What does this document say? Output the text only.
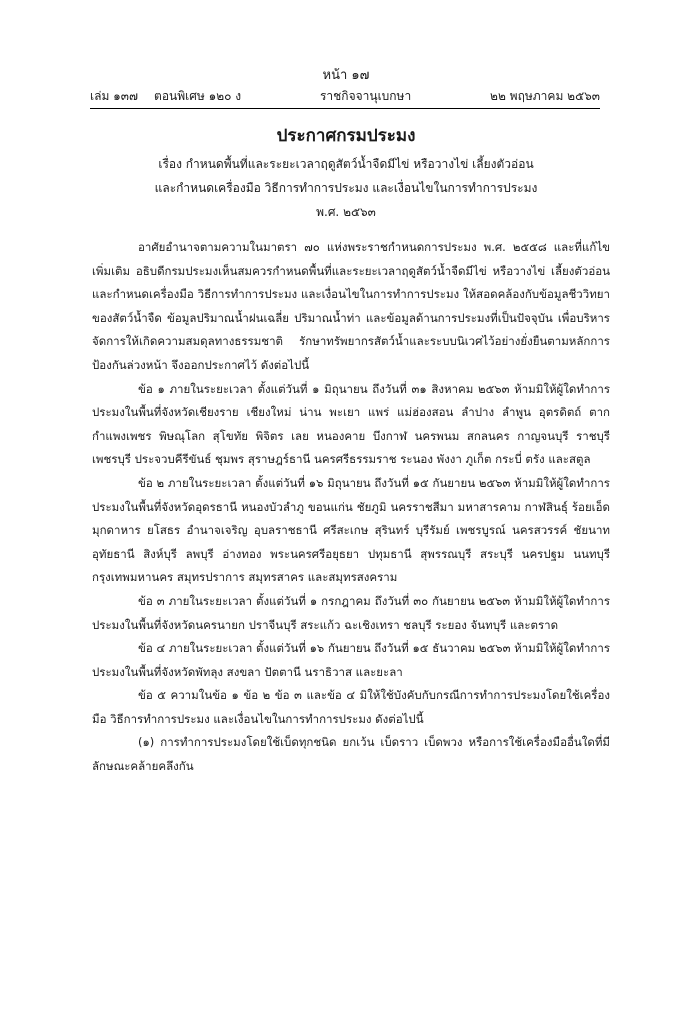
หน้า ๑๗
เล่ม ๑๓๗ ตอนพิเศษ ๑๒๐ ง	ราชกิจจานุเบกษา	๒๒ พฤษภาคม ๒๕๖๓
ประกาศกรมประมง
เรื่อง กำหนดพื้นที่และระยะเวลาฤดูสัตว์น้ำจืดมีไข่ หรือวางไข่ เลี้ยงตัวอ่อน
และกำหนดเครื่องมือ วิธีการทำการประมง และเงื่อนไขในการทำการประมง
พ.ศ. ๒๕๖๓

อาศัยอำนาจตามความในมาตรา ๗๐ แห่งพระราชกำหนดการประมง พ.ศ. ๒๕๕๘ และที่แก้ไขเพิ่มเติม อธิบดีกรมประมงเห็นสมควรกำหนดพื้นที่และระยะเวลาฤดูสัตว์น้ำจืดมีไข่ หรือวางไข่ เลี้ยงตัวอ่อน และกำหนดเครื่องมือ วิธีการทำการประมง และเงื่อนไขในการทำการประมง ให้สอดคล้องกับข้อมูลชีววิทยาของสัตว์น้ำจืด ข้อมูลปริมาณน้ำฝนเฉลี่ย ปริมาณน้ำท่า และข้อมูลด้านการประมงที่เป็นปัจจุบัน เพื่อบริหารจัดการให้เกิดความสมดุลทางธรรมชาติ รักษาทรัพยากรสัตว์น้ำและระบบนิเวศไว้อย่างยั่งยืนตามหลักการป้องกันล่วงหน้า จึงออกประกาศไว้ ดังต่อไปนี้

ข้อ ๑ ภายในระยะเวลา ตั้งแต่วันที่ ๑ มิถุนายน ถึงวันที่ ๓๑ สิงหาคม ๒๕๖๓ ห้ามมิให้ผู้ใดทำการประมงในพื้นที่จังหวัดเชียงราย เชียงใหม่ น่าน พะเยา แพร่ แม่ฮ่องสอน ลำปาง ลำพูน อุตรดิตถ์ ตาก กำแพงเพชร พิษณุโลก สุโขทัย พิจิตร เลย หนองคาย บึงกาฬ นครพนม สกลนคร กาญจนบุรี ราชบุรี เพชรบุรี ประจวบคีรีขันธ์ ชุมพร สุราษฎร์ธานี นครศรีธรรมราช ระนอง พังงา ภูเก็ต กระบี่ ตรัง และสตูล

ข้อ ๒ ภายในระยะเวลา ตั้งแต่วันที่ ๑๖ มิถุนายน ถึงวันที่ ๑๕ กันยายน ๒๕๖๓ ห้ามมิให้ผู้ใดทำการประมงในพื้นที่จังหวัดอุดรธานี หนองบัวลำภู ขอนแก่น ชัยภูมิ นครราชสีมา มหาสารคาม กาฬสินธุ์ ร้อยเอ็ด มุกดาหาร ยโสธร อำนาจเจริญ อุบลราชธานี ศรีสะเกษ สุรินทร์ บุรีรัมย์ เพชรบูรณ์ นครสวรรค์ ชัยนาท อุทัยธานี สิงห์บุรี ลพบุรี อ่างทอง พระนครศรีอยุธยา ปทุมธานี สุพรรณบุรี สระบุรี นครปฐม นนทบุรี กรุงเทพมหานคร สมุทรปราการ สมุทรสาคร และสมุทรสงคราม

ข้อ ๓ ภายในระยะเวลา ตั้งแต่วันที่ ๑ กรกฎาคม ถึงวันที่ ๓๐ กันยายน ๒๕๖๓ ห้ามมิให้ผู้ใดทำการประมงในพื้นที่จังหวัดนครนายก ปราจีนบุรี สระแก้ว ฉะเชิงเทรา ชลบุรี ระยอง จันทบุรี และตราด

ข้อ ๔ ภายในระยะเวลา ตั้งแต่วันที่ ๑๖ กันยายน ถึงวันที่ ๑๕ ธันวาคม ๒๕๖๓ ห้ามมิให้ผู้ใดทำการประมงในพื้นที่จังหวัดพัทลุง สงขลา ปัตตานี นราธิวาส และยะลา

ข้อ ๕ ความในข้อ ๑ ข้อ ๒ ข้อ ๓ และข้อ ๔ มิให้ใช้บังคับกับกรณีการทำการประมงโดยใช้เครื่องมือ วิธีการทำการประมง และเงื่อนไขในการทำการประมง ดังต่อไปนี้

(๑) การทำการประมงโดยใช้เบ็ดทุกชนิด ยกเว้น เบ็ดราว เบ็ดพวง หรือการใช้เครื่องมืออื่นใดที่มีลักษณะคล้ายคลึงกัน
